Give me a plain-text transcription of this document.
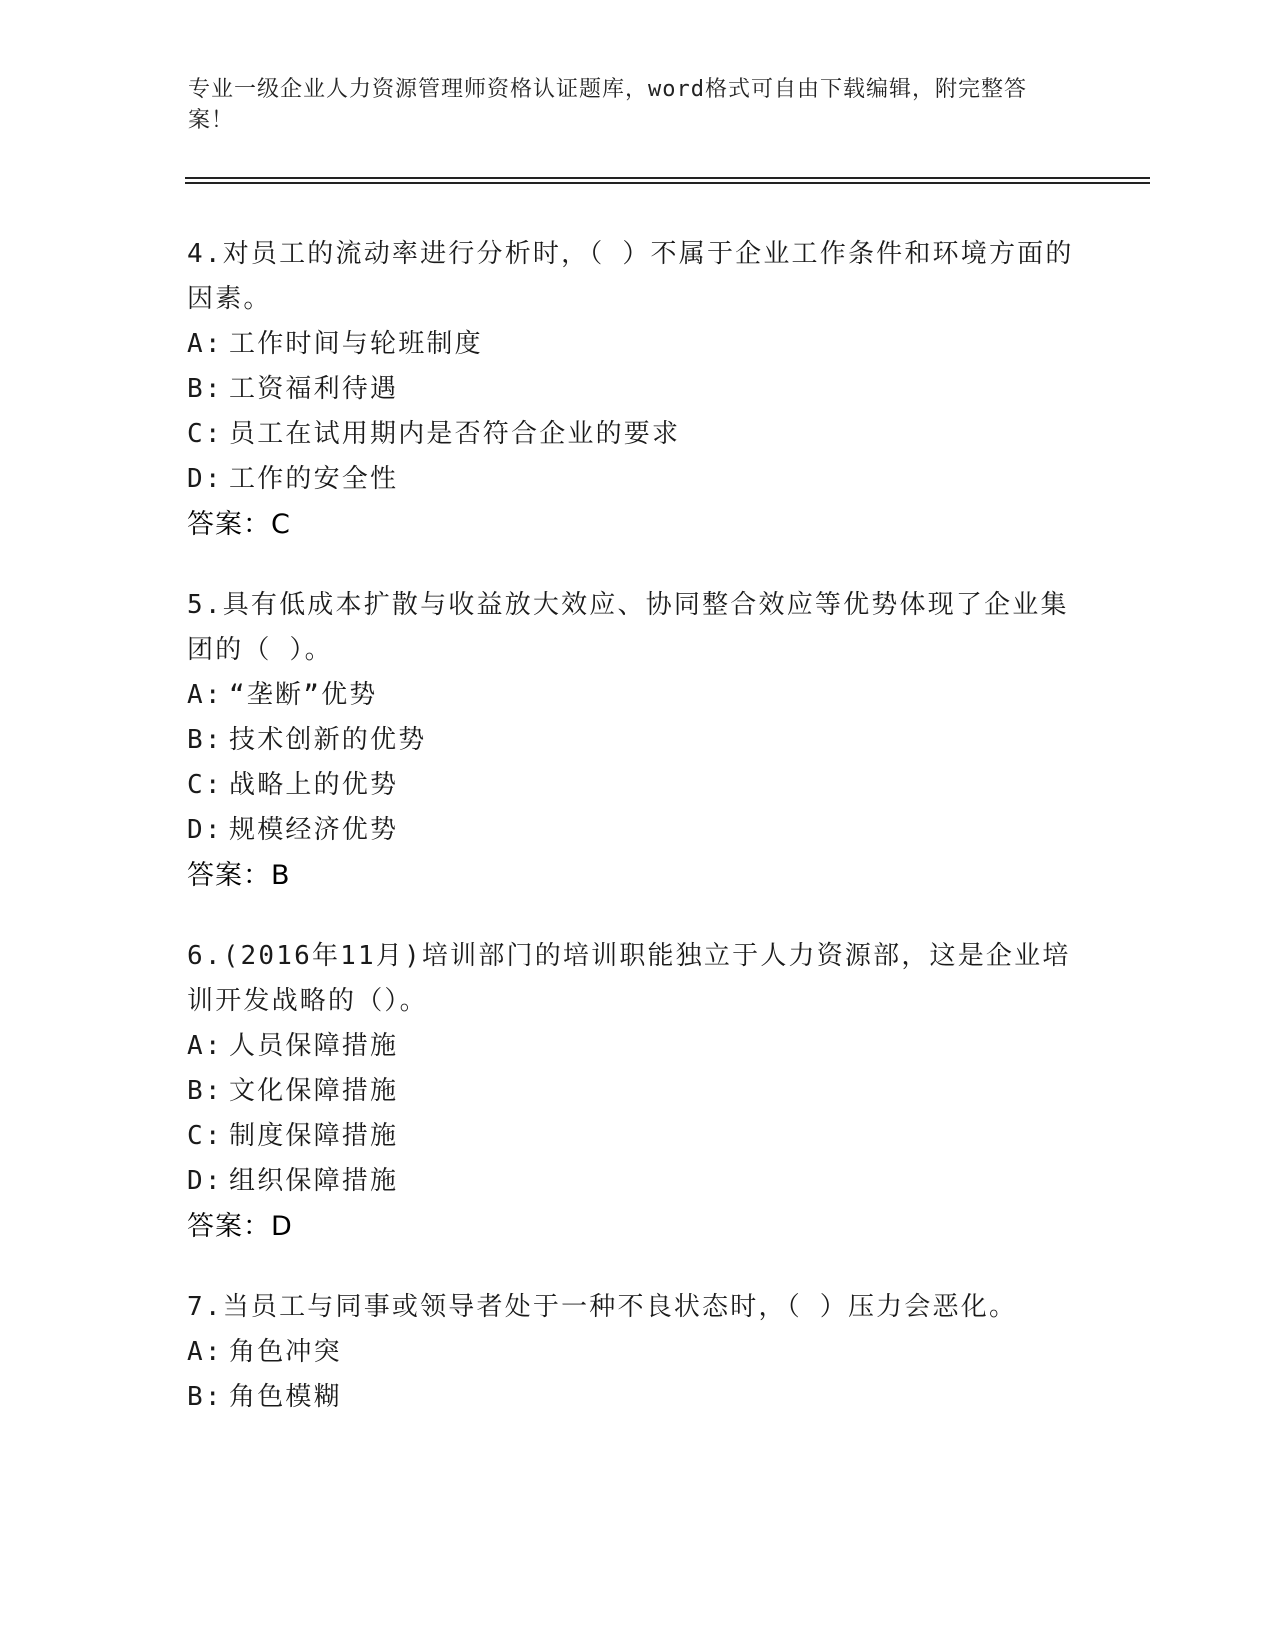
专业一级企业人力资源管理师资格认证题库，word格式可自由下载编辑，附完整答案！
4.对员工的流动率进行分析时，（ ）不属于企业工作条件和环境方面的因素。
A: 工作时间与轮班制度
B: 工资福利待遇
C: 员工在试用期内是否符合企业的要求
D: 工作的安全性
答案：C
5.具有低成本扩散与收益放大效应、协同整合效应等优势体现了企业集团的（ ）。
A: “垄断”优势
B: 技术创新的优势
C: 战略上的优势
D: 规模经济优势
答案：B
6.(2016年11月)培训部门的培训职能独立于人力资源部，这是企业培训开发战略的（）。
A: 人员保障措施
B: 文化保障措施
C: 制度保障措施
D: 组织保障措施
答案：D
7.当员工与同事或领导者处于一种不良状态时，（ ）压力会恶化。
A: 角色冲突
B: 角色模糊
